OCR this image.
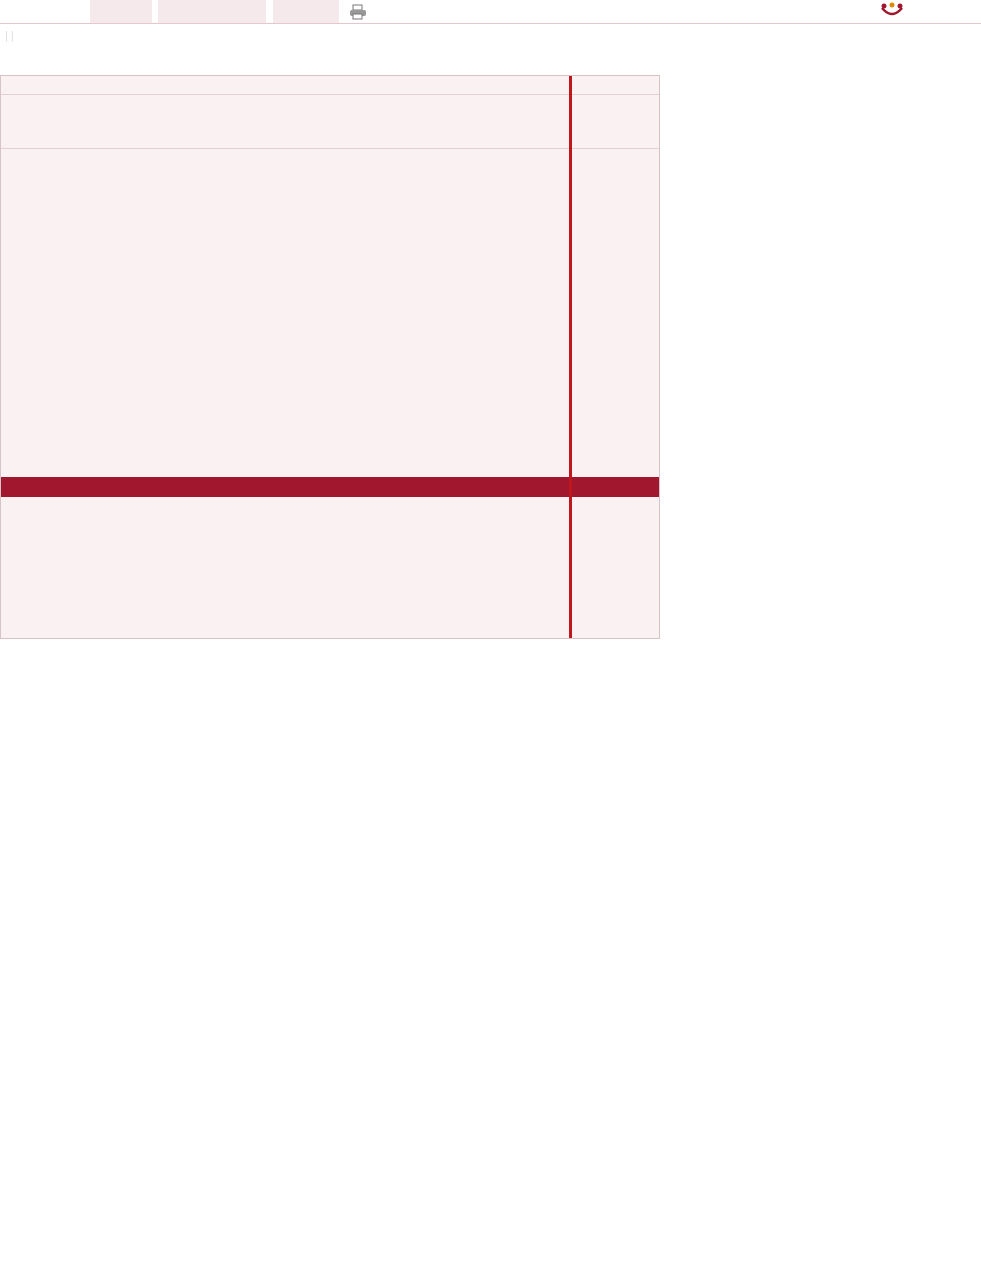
| |
